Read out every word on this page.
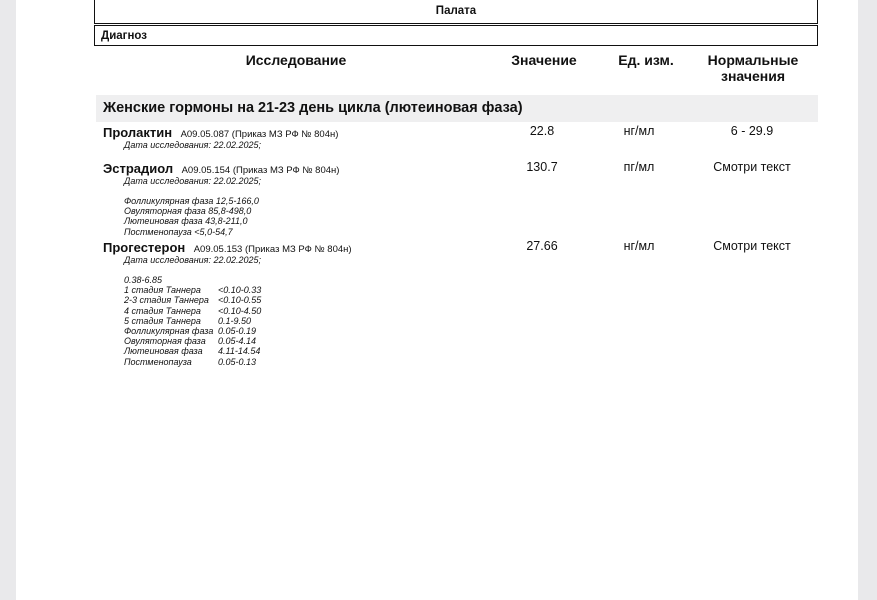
Палата
Диагноз
Исследование	Значение	Ед. изм.	Нормальные
значения
Женские гормоны на 21-23 день цикла (лютеиновая фаза)
Пролактин A09.05.087 (Приказ МЗ РФ № 804н)
Дата исследования: 22.02.2025;
22.8	нг/мл	6 - 29.9
Эстрадиол A09.05.154 (Приказ МЗ РФ № 804н)
Дата исследования: 22.02.2025;
130.7	пг/мл	Смотри текст
Фолликулярная фаза 12,5-166,0
Овуляторная фаза 85,8-498,0
Лютеиновая фаза 43,8-211,0
Постменопауза <5,0-54,7
Прогестерон A09.05.153 (Приказ МЗ РФ № 804н)
Дата исследования: 22.02.2025;
27.66	нг/мл	Смотри текст
0.38-6.85
1 стадия Таннера <0.10-0.33
2-3 стадия Таннера <0.10-0.55
4 стадия Таннера <0.10-4.50
5 стадия Таннера 0.1-9.50
Фолликулярная фаза 0.05-0.19
Овуляторная фаза 0.05-4.14
Лютеиновая фаза 4.11-14.54
Постменопауза	0.05-0.13
